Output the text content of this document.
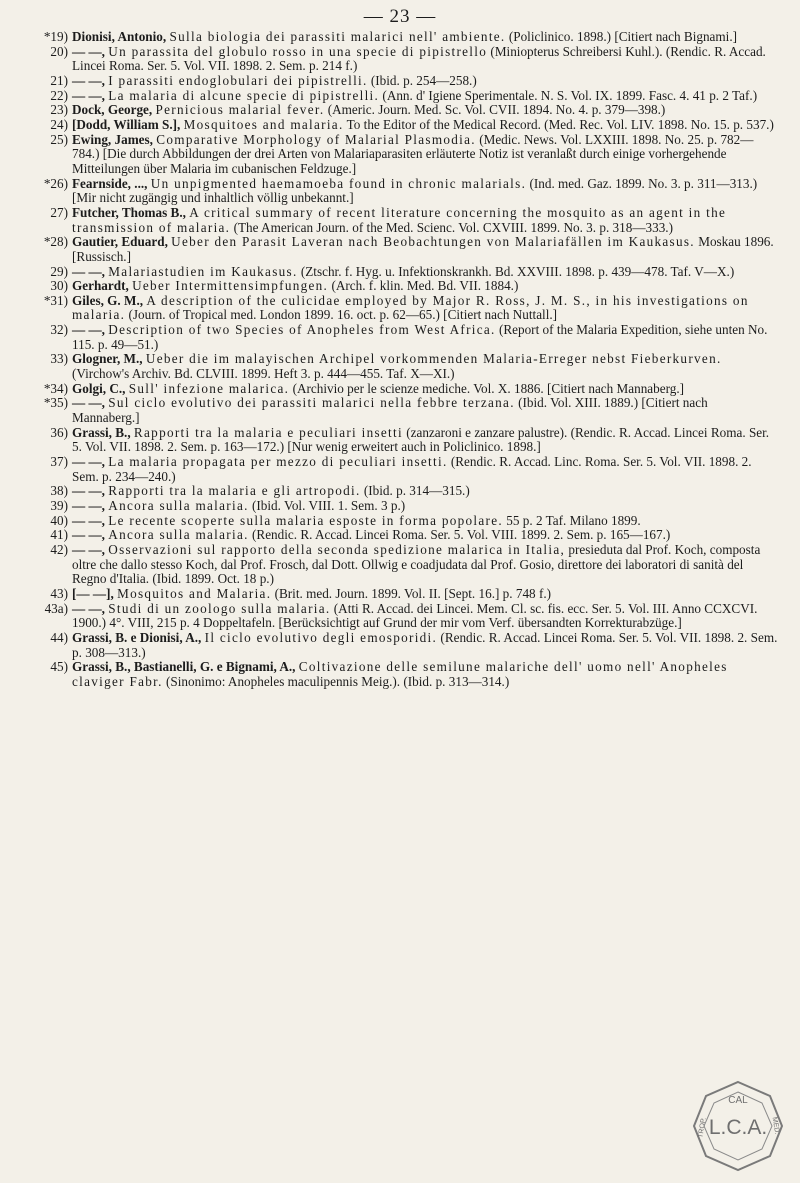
— 23 —
*19) Dionisi, Antonio, Sulla biologia dei parassiti malarici nell' ambiente. (Policlinico. 1898.) [Citiert nach Bignami.]
20) — —, Un parassita del globulo rosso in una specie di pipistrello (Miniopterus Schreibersi Kuhl.). (Rendic. R. Accad. Lincei Roma. Ser. 5. Vol. VII. 1898. 2. Sem. p. 214 f.)
21) — —, I parassiti endoglobulari dei pipistrelli. (Ibid. p. 254—258.)
22) — —, La malaria di alcune specie di pipistrelli. (Ann. d' Igiene Sperimentale. N. S. Vol. IX. 1899. Fasc. 4. 41 p. 2 Taf.)
23) Dock, George, Pernicious malarial fever. (Americ. Journ. Med. Sc. Vol. CVII. 1894. No. 4. p. 379—398.)
24) [Dodd, William S.], Mosquitoes and malaria. To the Editor of the Medical Record. (Med. Rec. Vol. LIV. 1898. No. 15. p. 537.)
25) Ewing, James, Comparative Morphology of Malarial Plasmodia. (Medic. News. Vol. LXXIII. 1898. No. 25. p. 782—784.) [Die durch Abbildungen der drei Arten von Malariaparasiten erläuterte Notiz ist veranlaßt durch einige vorhergehende Mitteilungen über Malaria im cubanischen Feldzuge.]
*26) Fearnside, ..., Un unpigmented haemamoeba found in chronic malarials. (Ind. med. Gaz. 1899. No. 3. p. 311—313.) [Mir nicht zugängig und inhaltlich völlig unbekannt.]
27) Futcher, Thomas B., A critical summary of recent literature concerning the mosquito as an agent in the transmission of malaria. (The American Journ. of the Med. Scienc. Vol. CXVIII. 1899. No. 3. p. 318—333.)
*28) Gautier, Eduard, Ueber den Parasit Laveran nach Beobachtungen von Malariafällen im Kaukasus. Moskau 1896. [Russisch.]
29) — —, Malariastudien im Kaukasus. (Ztschr. f. Hyg. u. Infektionskrankh. Bd. XXVIII. 1898. p. 439—478. Taf. V—X.)
30) Gerhardt, Ueber Intermittensimpfungen. (Arch. f. klin. Med. Bd. VII. 1884.)
*31) Giles, G. M., A description of the culicidae employed by Major R. Ross, J. M. S., in his investigations on malaria. (Journ. of Tropical med. London 1899. 16. oct. p. 62—65.) [Citiert nach Nuttall.]
32) — —, Description of two Species of Anopheles from West Africa. (Report of the Malaria Expedition, siehe unten No. 115. p. 49—51.)
33) Glogner, M., Ueber die im malayischen Archipel vorkommenden Malaria-Erreger nebst Fieberkurven. (Virchow's Archiv. Bd. CLVIII. 1899. Heft 3. p. 444—455. Taf. X—XI.)
*34) Golgi, C., Sull' infezione malarica. (Archivio per le scienze mediche. Vol. X. 1886. [Citiert nach Mannaberg.]
*35) — —, Sul ciclo evolutivo dei parassiti malarici nella febbre terzana. (Ibid. Vol. XIII. 1889.) [Citiert nach Mannaberg.]
36) Grassi, B., Rapporti tra la malaria e peculiari insetti (zanzaroni e zanzare palustre). (Rendic. R. Accad. Lincei Roma. Ser. 5. Vol. VII. 1898. 2. Sem. p. 163—172.) [Nur wenig erweitert auch in Policlinico. 1898.]
37) — —, La malaria propagata per mezzo di peculiari insetti. (Rendic. R. Accad. Linc. Roma. Ser. 5. Vol. VII. 1898. 2. Sem. p. 234—240.)
38) — —, Rapporti tra la malaria e gli artropodi. (Ibid. p. 314—315.)
39) — —, Ancora sulla malaria. (Ibid. Vol. VIII. 1. Sem. 3 p.)
40) — —, Le recente scoperte sulla malaria esposte in forma popolare. 55 p. 2 Taf. Milano 1899.
41) — —, Ancora sulla malaria. (Rendic. R. Accad. Lincei Roma. Ser. 5. Vol. VIII. 1899. 2. Sem. p. 165—167.)
42) — —, Osservazioni sul rapporto della seconda spedizione malarica in Italia, presieduta dal Prof. Koch, composta oltre che dallo stesso Koch, dal Prof. Frosch, dal Dott. Ollwig e coadjudata dal Prof. Gosio, direttore dei laboratori di sanità del Regno d'Italia. (Ibid. 1899. Oct. 18 p.)
43) [— —], Mosquitos and Malaria. (Brit. med. Journ. 1899. Vol. II. [Sept. 16.] p. 748 f.)
43a) — —, Studi di un zoologo sulla malaria. (Atti R. Accad. dei Lincei. Mem. Cl. sc. fis. ecc. Ser. 5. Vol. III. Anno CCXCVI. 1900.) 4°. VIII, 215 p. 4 Doppeltafeln. [Berücksichtigt auf Grund der mir vom Verf. übersandten Korrekturabzüge.]
44) Grassi, B. e Dionisi, A., Il ciclo evolutivo degli emosporidi. (Rendic. R. Accad. Lincei Roma. Ser. 5. Vol. VII. 1898. 2. Sem. p. 308—313.)
45) Grassi, B., Bastianelli, G. e Bignami, A., Coltivazione delle semilune malariche dell' uomo nell' Anopheles claviger Fabr. (Sinonimo: Anopheles maculipennis Meig.). (Ibid. p. 313—314.)
CAL
L.C.A.
TROP.	MED.
